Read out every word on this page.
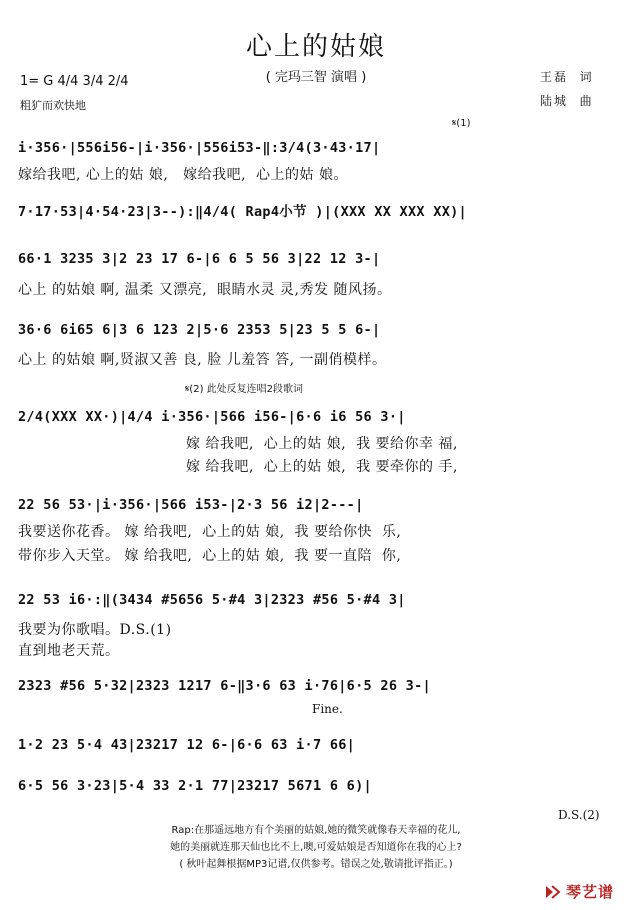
心上的姑娘
( 完玛三智 演唱 )
1= G 4/4 3/4 2/4
粗犷而欢快地
王磊  词
陆城  曲
𝄋(1)
𝄋(2) 此处反复连唱2段歌词
Fine.
D.S.(2)
i·356·|556i56-|i·356·|556i53-‖:3/4(3·43·17|
嫁给我吧, 心上的姑 娘,   嫁给我吧,  心上的姑 娘。
7·17·53|4·54·23|3--):‖4/4( Rap4小节 )|(XXX XX XXX XX)|
66·1 3235 3|2 23 17 6-|6 6 5 56 3|22 12 3-|
心上 的姑娘 啊, 温柔 又漂亮,  眼睛水灵 灵,秀发 随风扬。
36·6 6i65 6|3 6 123 2|5·6 2353 5|23 5 5 6-|
心上 的姑娘 啊,贤淑又善 良, 脸 儿羞答 答, 一副俏模样。
2/4(XXX XX·)|4/4 i·356·|566 i56-|6·6 i6 56 3·|
嫁 给我吧,  心上的姑 娘,  我 要给你幸 福,
嫁 给我吧,  心上的姑 娘,  我 要牵你的 手,
22 56 53·|i·356·|566 i53-|2·3 56 i2|2---|
我要送你花香。 嫁 给我吧,  心上的姑 娘,  我 要给你快  乐,
带你步入天堂。 嫁 给我吧,  心上的姑 娘,  我 要一直陪  你,
22 53 i6·:‖(3434 #5656 5·#4 3|2323 #56 5·#4 3|
我要为你歌唱。D.S.(1)
直到地老天荒。
2323 #56 5·32|2323 1217 6-‖3·6 63 i·76|6·5 26 3-|
1·2 23 5·4 43|23217 12 6-|6·6 63 i·7 66|
6·5 56 3·23|5·4 33 2·1 77|23217 5671 6 6)|
Rap:在那遥远地方有个美丽的姑娘,她的微笑就像春天幸福的花儿,
她的美丽就连那天仙也比不上,噢,可爱姑娘是否知道你在我的心上?
( 秋叶起舞根据MP3记谱,仅供参考。错误之处,敬请批评指正。)
琴艺谱
